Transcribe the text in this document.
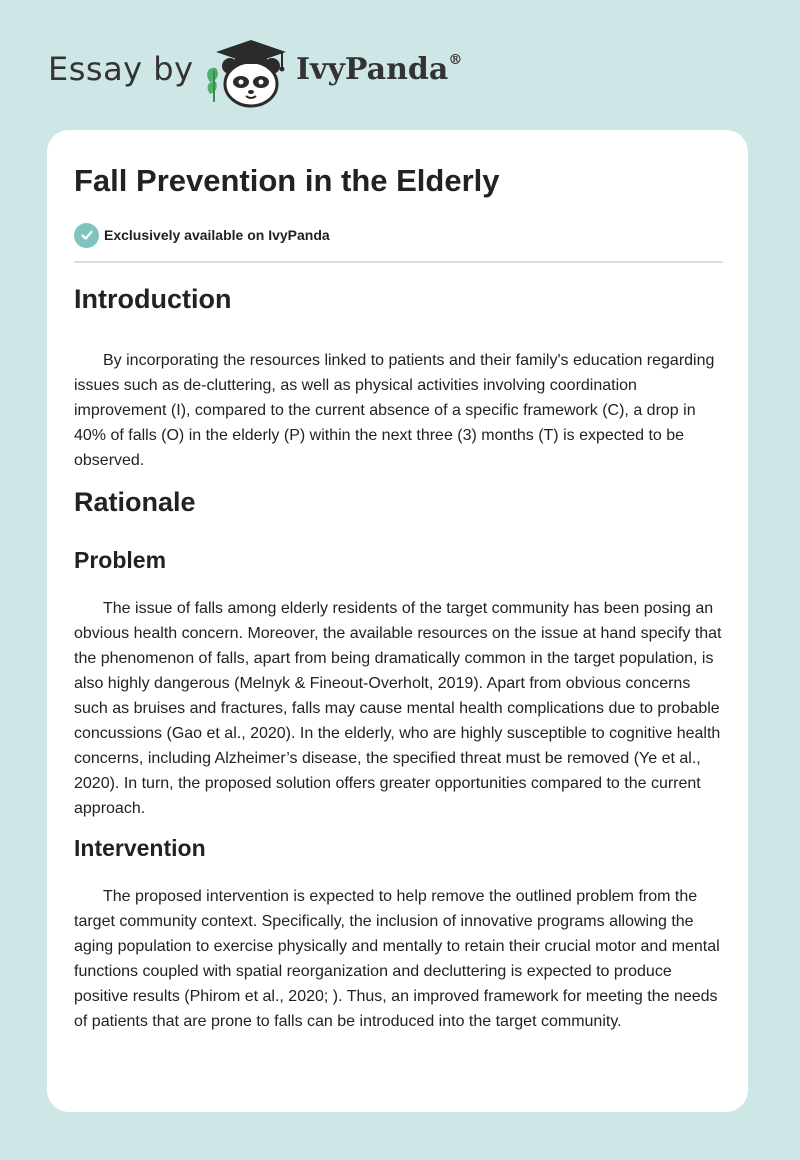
Essay by	IvyPanda®
Fall Prevention in the Elderly
Exclusively available on IvyPanda
Introduction

By incorporating the resources linked to patients and their family's education regarding issues such as de-cluttering, as well as physical activities involving coordination improvement (I), compared to the current absence of a specific framework (C), a drop in 40% of falls (O) in the elderly (P) within the next three (3) months (T) is expected to be observed.

Rationale
Problem

The issue of falls among elderly residents of the target community has been posing an obvious health concern. Moreover, the available resources on the issue at hand specify that the phenomenon of falls, apart from being dramatically common in the target population, is also highly dangerous (Melnyk & Fineout-Overholt, 2019). Apart from obvious concerns such as bruises and fractures, falls may cause mental health complications due to probable concussions (Gao et al., 2020). In the elderly, who are highly susceptible to cognitive health concerns, including Alzheimer’s disease, the specified threat must be removed (Ye et al., 2020). In turn, the proposed solution offers greater opportunities compared to the current approach.

Intervention

The proposed intervention is expected to help remove the outlined problem from the target community context. Specifically, the inclusion of innovative programs allowing the aging population to exercise physically and mentally to retain their crucial motor and mental functions coupled with spatial reorganization and decluttering is expected to produce positive results (Phirom et al., 2020; ). Thus, an improved framework for meeting the needs of patients that are prone to falls can be introduced into the target community.
